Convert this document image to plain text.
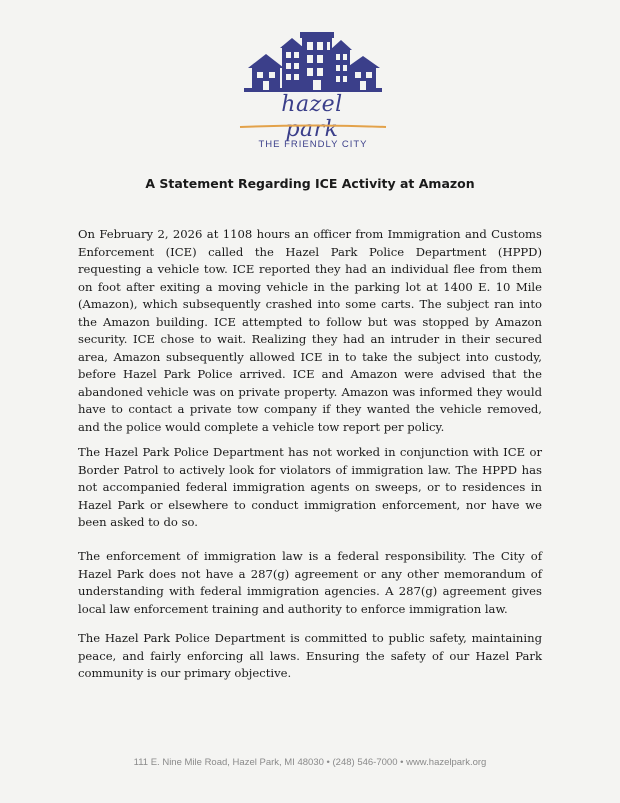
hazel park
THE FRIENDLY CITY
A Statement Regarding ICE Activity at Amazon

On February 2, 2026 at 1108 hours an officer from Immigration and Customs Enforcement (ICE) called the Hazel Park Police Department (HPPD) requesting a vehicle tow. ICE reported they had an individual flee from them on foot after exiting a moving vehicle in the parking lot at 1400 E. 10 Mile (Amazon), which subsequently crashed into some carts. The subject ran into the Amazon building. ICE attempted to follow but was stopped by Amazon security. ICE chose to wait. Realizing they had an intruder in their secured area, Amazon subsequently allowed ICE in to take the subject into custody, before Hazel Park Police arrived. ICE and Amazon were advised that the abandoned vehicle was on private property. Amazon was informed they would have to contact a private tow company if they wanted the vehicle removed, and the police would complete a vehicle tow report per policy.

The Hazel Park Police Department has not worked in conjunction with ICE or Border Patrol to actively look for violators of immigration law. The HPPD has not accompanied federal immigration agents on sweeps, or to residences in Hazel Park or elsewhere to conduct immigration enforcement, nor have we been asked to do so.

The enforcement of immigration law is a federal responsibility. The City of Hazel Park does not have a 287(g) agreement or any other memorandum of understanding with federal immigration agencies. A 287(g) agreement gives local law enforcement training and authority to enforce immigration law.

The Hazel Park Police Department is committed to public safety, maintaining peace, and fairly enforcing all laws. Ensuring the safety of our Hazel Park community is our primary objective.

111 E. Nine Mile Road, Hazel Park, MI 48030 • (248) 546-7000 • www.hazelpark.org
